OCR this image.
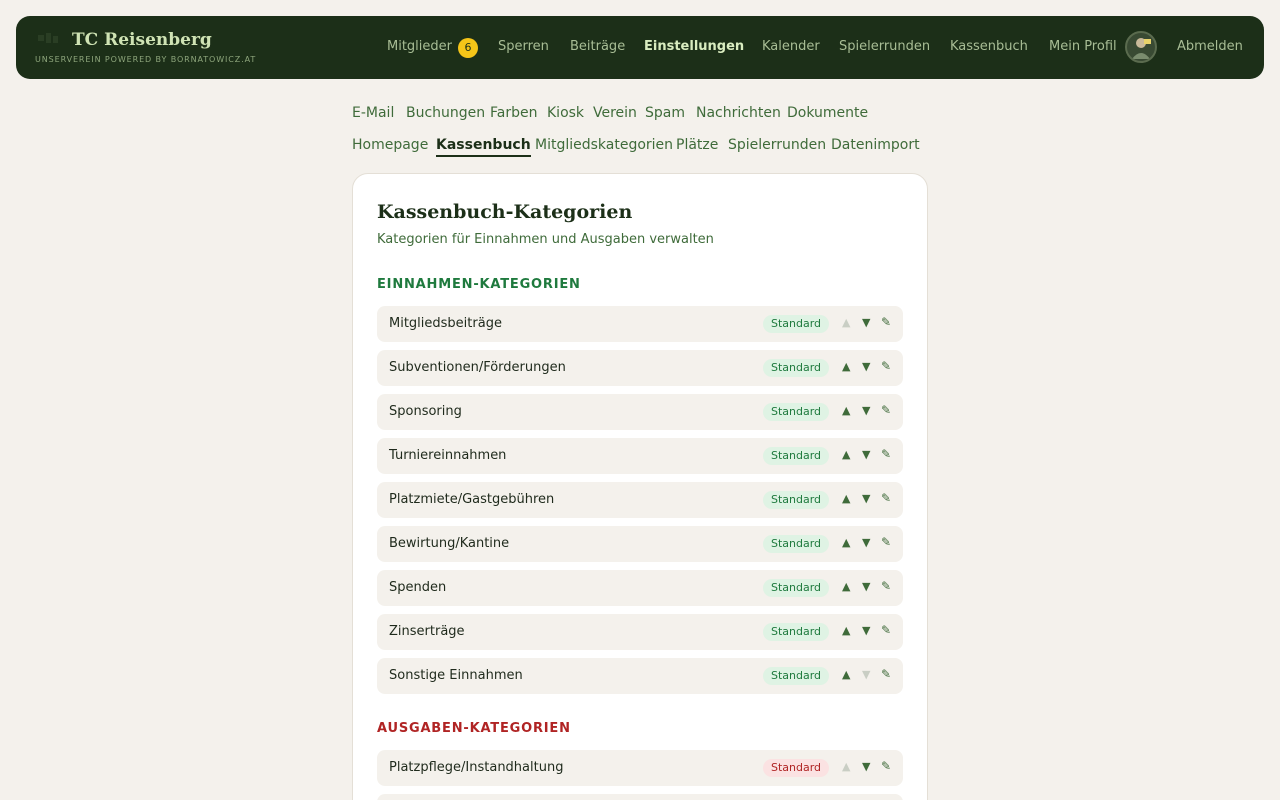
TC Reisenberg
UNSERVEREIN POWERED BY BORNATOWICZ.AT
Mitglieder	6	Sperren Beiträge Einstellungen Kalender Spielerrunden Kassenbuch Mein Profil	Abmelden
E-Mail Buchungen Farben Kiosk Verein Spam Nachrichten Dokumente
Homepage Kassenbuch Mitgliedskategorien Plätze Spielerrunden Datenimport
Kassenbuch-Kategorien
Kategorien für Einnahmen und Ausgaben verwalten
EINNAHMEN-KATEGORIEN
Mitgliedsbeiträge	Standard	▲ ▼ ✎
Subventionen/Förderungen	Standard	▲ ▼ ✎
Sponsoring	Standard	▲ ▼ ✎
Turniereinnahmen	Standard	▲ ▼ ✎
Platzmiete/Gastgebühren	Standard	▲ ▼ ✎
Bewirtung/Kantine	Standard	▲ ▼ ✎
Spenden	Standard	▲ ▼ ✎
Zinserträge	Standard	▲ ▼ ✎
Sonstige Einnahmen	Standard	▲ ▼ ✎
AUSGABEN-KATEGORIEN
Platzpflege/Instandhaltung	Standard	▲ ▼ ✎
